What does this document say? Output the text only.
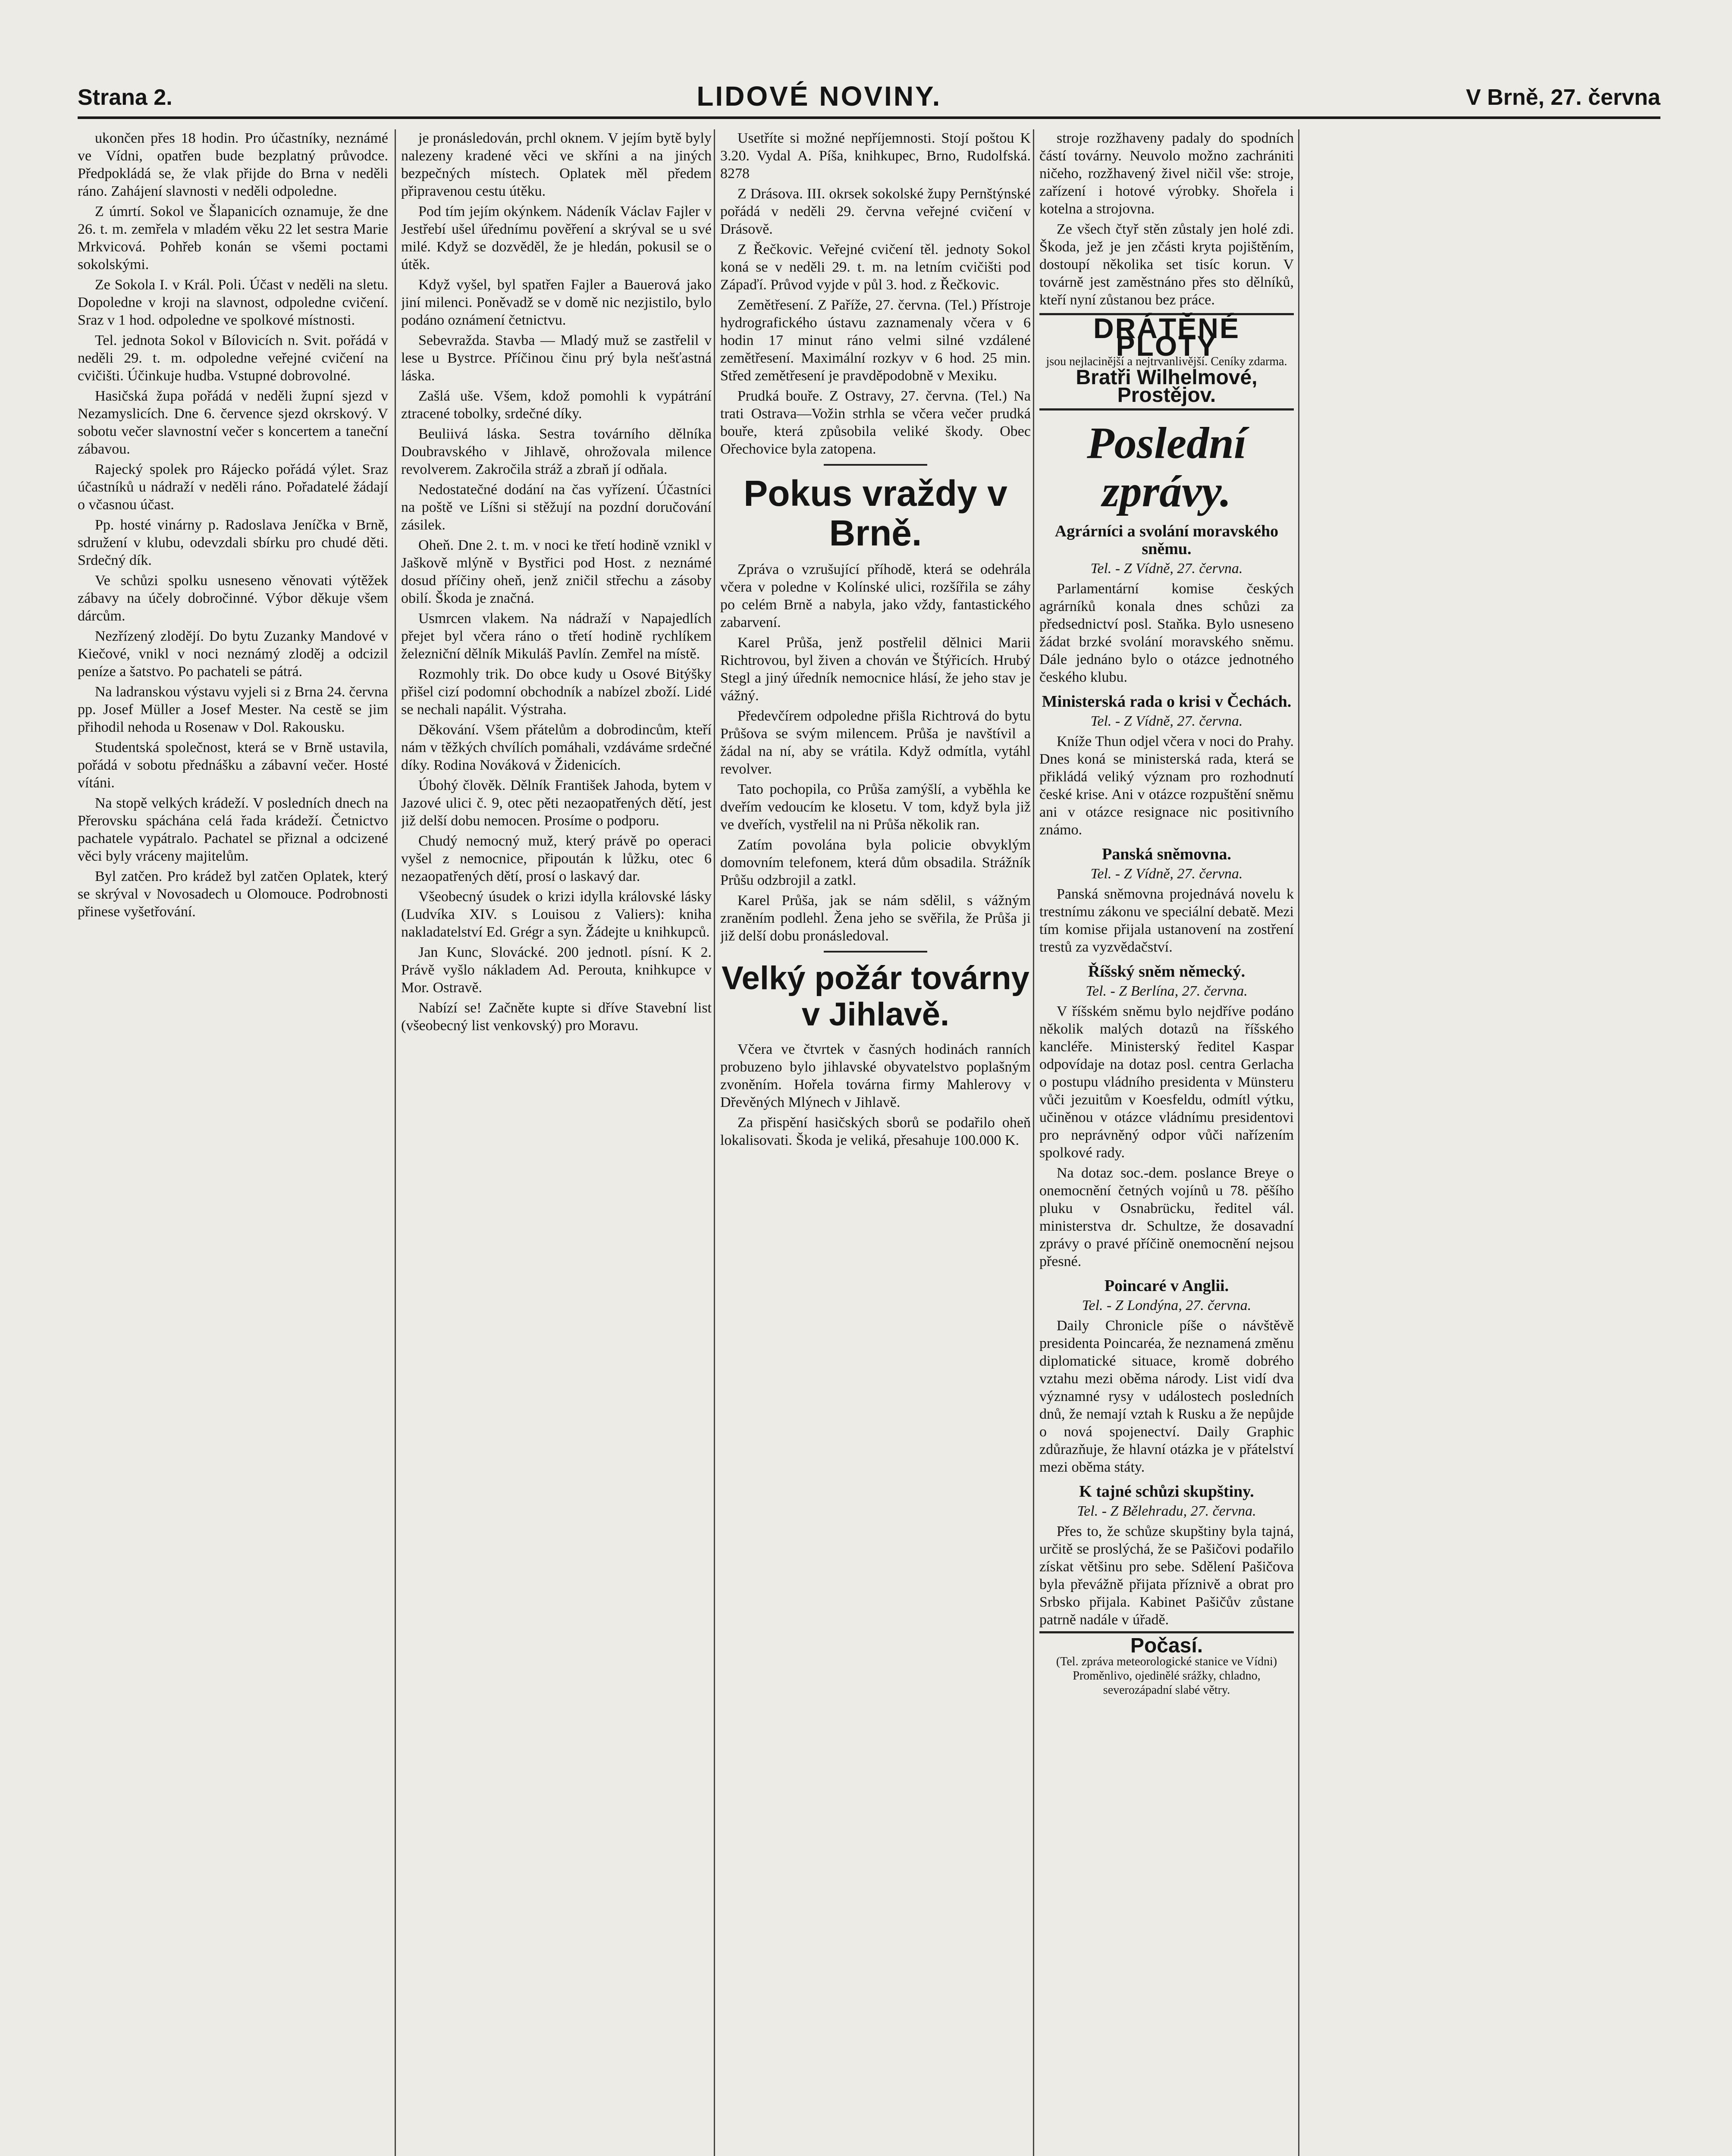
Strana 2.	LIDOVÉ NOVINY.	V Brně, 27. června

ukončen přes 18 hodin. Pro účastníky, neznámé ve Vídni, opatřen bude bezplatný průvodce. Předpokládá se, že vlak přijde do Brna v neděli ráno. Zahájení slavnosti v neděli odpoledne.

Z úmrtí. Sokol ve Šlapanicích oznamuje, že dne 26. t. m. zemřela v mladém věku 22 let sestra Marie Mrkvicová. Pohřeb konán se všemi poctami sokolskými.

Ze Sokola I. v Král. Poli. Účast v neděli na sletu. Dopoledne v kroji na slavnost, odpoledne cvičení. Sraz v 1 hod. odpoledne ve spolkové místnosti.

Tel. jednota Sokol v Bílovicích n. Svit. pořádá v neděli 29. t. m. odpoledne veřejné cvičení na cvičišti. Účinkuje hudba. Vstupné dobrovolné.

Hasičská župa pořádá v neděli župní sjezd v Nezamyslicích. Dne 6. července sjezd okrskový. V sobotu večer slavnostní večer s koncertem a taneční zábavou.

Rajecký spolek pro Rájecko pořádá výlet. Sraz účastníků u nádraží v neděli ráno. Pořadatelé žádají o včasnou účast.

Pp. hosté vinárny p. Radoslava Jeníčka v Brně, sdružení v klubu, odevzdali sbírku pro chudé děti. Srdečný dík.

Ve schůzi spolku usneseno věnovati výtěžek zábavy na účely dobročinné. Výbor děkuje všem dárcům.

Nezřízený zlodějí. Do bytu Zuzanky Mandové v Kiečové, vnikl v noci neznámý zloděj a odcizil peníze a šatstvo. Po pachateli se pátrá.

Na ladranskou výstavu vyjeli si z Brna 24. června pp. Josef Müller a Josef Mester. Na cestě se jim přihodil nehoda u Rosenaw v Dol. Rakousku.

Studentská společnost, která se v Brně ustavila, pořádá v sobotu přednášku a zábavní večer. Hosté vítáni.

Na stopě velkých krádeží. V posledních dnech na Přerovsku spáchána celá řada krádeží. Četnictvo pachatele vypátralo. Pachatel se přiznal a odcizené věci byly vráceny majitelům.

Byl zatčen. Pro krádež byl zatčen Oplatek, který se skrýval v Novosadech u Olomouce. Podrobnosti přinese vyšetřování.

je pronásledován, prchl oknem. V jejím bytě byly nalezeny kradené věci ve skříni a na jiných bezpečných místech. Oplatek měl předem připravenou cestu útěku.

Pod tím jejím okýnkem. Nádeník Václav Fajler v Jestřebí ušel úřednímu pověření a skrýval se u své milé. Když se dozvěděl, že je hledán, pokusil se o útěk.

Když vyšel, byl spatřen Fajler a Bauerová jako jiní milenci. Poněvadž se v domě nic nezjistilo, bylo podáno oznámení četnictvu.

Sebevražda. Stavba — Mladý muž se zastřelil v lese u Bystrce. Příčinou činu prý byla nešťastná láska.

Zašlá uše. Všem, kdož pomohli k vypátrání ztracené tobolky, srdečné díky.

Beuliivá láska. Sestra továrního dělníka Doubravského v Jihlavě, ohrožovala milence revolverem. Zakročila stráž a zbraň jí odňala.

Nedostatečné dodání na čas vyřízení. Účastníci na poště ve Líšni si stěžují na pozdní doručování zásilek.

Oheň. Dne 2. t. m. v noci ke třetí hodině vznikl v Jaškově mlýně v Bystřici pod Host. z neznámé dosud příčiny oheň, jenž zničil střechu a zásoby obilí. Škoda je značná.

Usmrcen vlakem. Na nádraží v Napajedlích přejet byl včera ráno o třetí hodině rychlíkem železniční dělník Mikuláš Pavlín. Zemřel na místě.

Rozmohly trik. Do obce kudy u Osové Bitýšky přišel cizí podomní obchodník a nabízel zboží. Lidé se nechali napálit. Výstraha.

Děkování. Všem přátelům a dobrodincům, kteří nám v těžkých chvílích pomáhali, vzdáváme srdečné díky. Rodina Nováková v Židenicích.

Úbohý člověk. Dělník František Jahoda, bytem v Jazové ulici č. 9, otec pěti nezaopatřených dětí, jest již delší dobu nemocen. Prosíme o podporu.

Chudý nemocný muž, který právě po operaci vyšel z nemocnice, připoután k lůžku, otec 6 nezaopatřených dětí, prosí o laskavý dar.

Všeobecný úsudek o krizi idylla královské lásky (Ludvíka XIV. s Louisou z Valiers): kniha nakladatelství Ed. Grégr a syn. Žádejte u knihkupců.

Jan Kunc, Slovácké. 200 jednotl. písní. K 2. Právě vyšlo nákladem Ad. Perouta, knihkupce v Mor. Ostravě.

Nabízí se! Začněte kupte si dříve Stavební list (všeobecný list venkovský) pro Moravu.

Usetříte si možné nepříjemnosti. Stojí poštou K 3.20. Vydal A. Píša, knihkupec, Brno, Rudolfská. 8278

Z Drásova. III. okrsek sokolské župy Pernštýnské pořádá v neděli 29. června veřejné cvičení v Drásově.

Z Řečkovic. Veřejné cvičení těl. jednoty Sokol koná se v neděli 29. t. m. na letním cvičišti pod Zápaďí. Průvod vyjde v půl 3. hod. z Řečkovic.

Zemětřesení. Z Paříže, 27. června. (Tel.) Přístroje hydrografického ústavu zaznamenaly včera v 6 hodin 17 minut ráno velmi silné vzdálené zemětřesení. Maximální rozkyv v 6 hod. 25 min. Střed zemětřesení je pravděpodobně v Mexiku.

Prudká bouře. Z Ostravy, 27. června. (Tel.) Na trati Ostrava—Vožin strhla se včera večer prudká bouře, která způsobila veliké škody. Obec Ořechovice byla zatopena.

Pokus vraždy v Brně.

Zpráva o vzrušující příhodě, která se odehrála včera v poledne v Kolínské ulici, rozšířila se záhy po celém Brně a nabyla, jako vždy, fantastického zabarvení.

Karel Průša, jenž postřelil dělnici Marii Richtrovou, byl živen a chován ve Štýřicích. Hrubý Stegl a jiný úředník nemocnice hlásí, že jeho stav je vážný.

Předevčírem odpoledne přišla Richtrová do bytu Průšova se svým milencem. Průša je navštívil a žádal na ní, aby se vrátila. Když odmítla, vytáhl revolver.

Tato pochopila, co Průša zamýšlí, a vyběhla ke dveřím vedoucím ke klosetu. V tom, když byla již ve dveřích, vystřelil na ni Průša několik ran.

Zatím povolána byla policie obvyklým domovním telefonem, která dům obsadila. Strážník Průšu odzbrojil a zatkl.

Karel Průša, jak se nám sdělil, s vážným zraněním podlehl. Žena jeho se svěřila, že Průša ji již delší dobu pronásledoval.

Velký požár továrny v Jihlavě.

Včera ve čtvrtek v časných hodinách ranních probuzeno bylo jihlavské obyvatelstvo poplašným zvoněním. Hořela továrna firmy Mahlerovy v Dřevěných Mlýnech v Jihlavě.

Za přispění hasičských sborů se podařilo oheň lokalisovati. Škoda je veliká, přesahuje 100.000 K.

stroje rozžhaveny padaly do spodních částí továrny. Neuvolo možno zachrániti ničeho, rozžhavený živel ničil vše: stroje, zařízení i hotové výrobky. Shořela i kotelna a strojovna.

Ze všech čtyř stěn zůstaly jen holé zdi. Škoda, jež je jen zčásti kryta pojištěním, dostoupí několika set tisíc korun. V továrně jest zaměstnáno přes sto dělníků, kteří nyní zůstanou bez práce.

DRÁTĚNÉ PLOTY
jsou nejlacinější a nejtrvanlivější. Ceníky zdarma.
Bratři Wilhelmové, Prostějov.
Poslední zprávy.
Agrárníci a svolání moravského sněmu.
Tel. - Z Vídně, 27. června.

Parlamentární komise českých agrárníků konala dnes schůzi za předsednictví posl. Staňka. Bylo usneseno žádat brzké svolání moravského sněmu. Dále jednáno bylo o otázce jednotného českého klubu.

Ministerská rada o krisi v Čechách.
Tel. - Z Vídně, 27. června.

Kníže Thun odjel včera v noci do Prahy. Dnes koná se ministerská rada, která se přikládá veliký význam pro rozhodnutí české krise. Ani v otázce rozpuštění sněmu ani v otázce resignace nic positivního známo.

Panská sněmovna.
Tel. - Z Vídně, 27. června.

Panská sněmovna projednává novelu k trestnímu zákonu ve speciální debatě. Mezi tím komise přijala ustanovení na zostření trestů za vyzvědačství.

Říšský sněm německý.
Tel. - Z Berlína, 27. června.

V říšském sněmu bylo nejdříve podáno několik malých dotazů na říšského kancléře. Ministerský ředitel Kaspar odpovídaje na dotaz posl. centra Gerlacha o postupu vládního presidenta v Münsteru vůči jezuitům v Koesfeldu, odmítl výtku, učiněnou v otázce vládnímu presidentovi pro neprávněný odpor vůči nařízením spolkové rady.

Na dotaz soc.-dem. poslance Breye o onemocnění četných vojínů u 78. pěšího pluku v Osnabrücku, ředitel vál. ministerstva dr. Schultze, že dosavadní zprávy o pravé příčině onemocnění nejsou přesné.

Poincaré v Anglii.
Tel. - Z Londýna, 27. června.

Daily Chronicle píše o návštěvě presidenta Poincaréa, že neznamená změnu diplomatické situace, kromě dobrého vztahu mezi oběma národy. List vidí dva významné rysy v událostech posledních dnů, že nemají vztah k Rusku a že nepůjde o nová spojenectví. Daily Graphic zdůrazňuje, že hlavní otázka je v přátelství mezi oběma státy.

K tajné schůzi skupštiny.
Tel. - Z Bělehradu, 27. června.

Přes to, že schůze skupštiny byla tajná, určitě se proslýchá, že se Pašičovi podařilo získat většinu pro sebe. Sdělení Pašičova byla převážně přijata příznivě a obrat pro Srbsko přijala. Kabinet Pašičův zůstane patrně nadále v úřadě.

Počasí.
(Tel. zpráva meteorologické stanice ve Vídni)
Proměnlivo, ojedinělé srážky, chladno, severozápadní slabé větry.
